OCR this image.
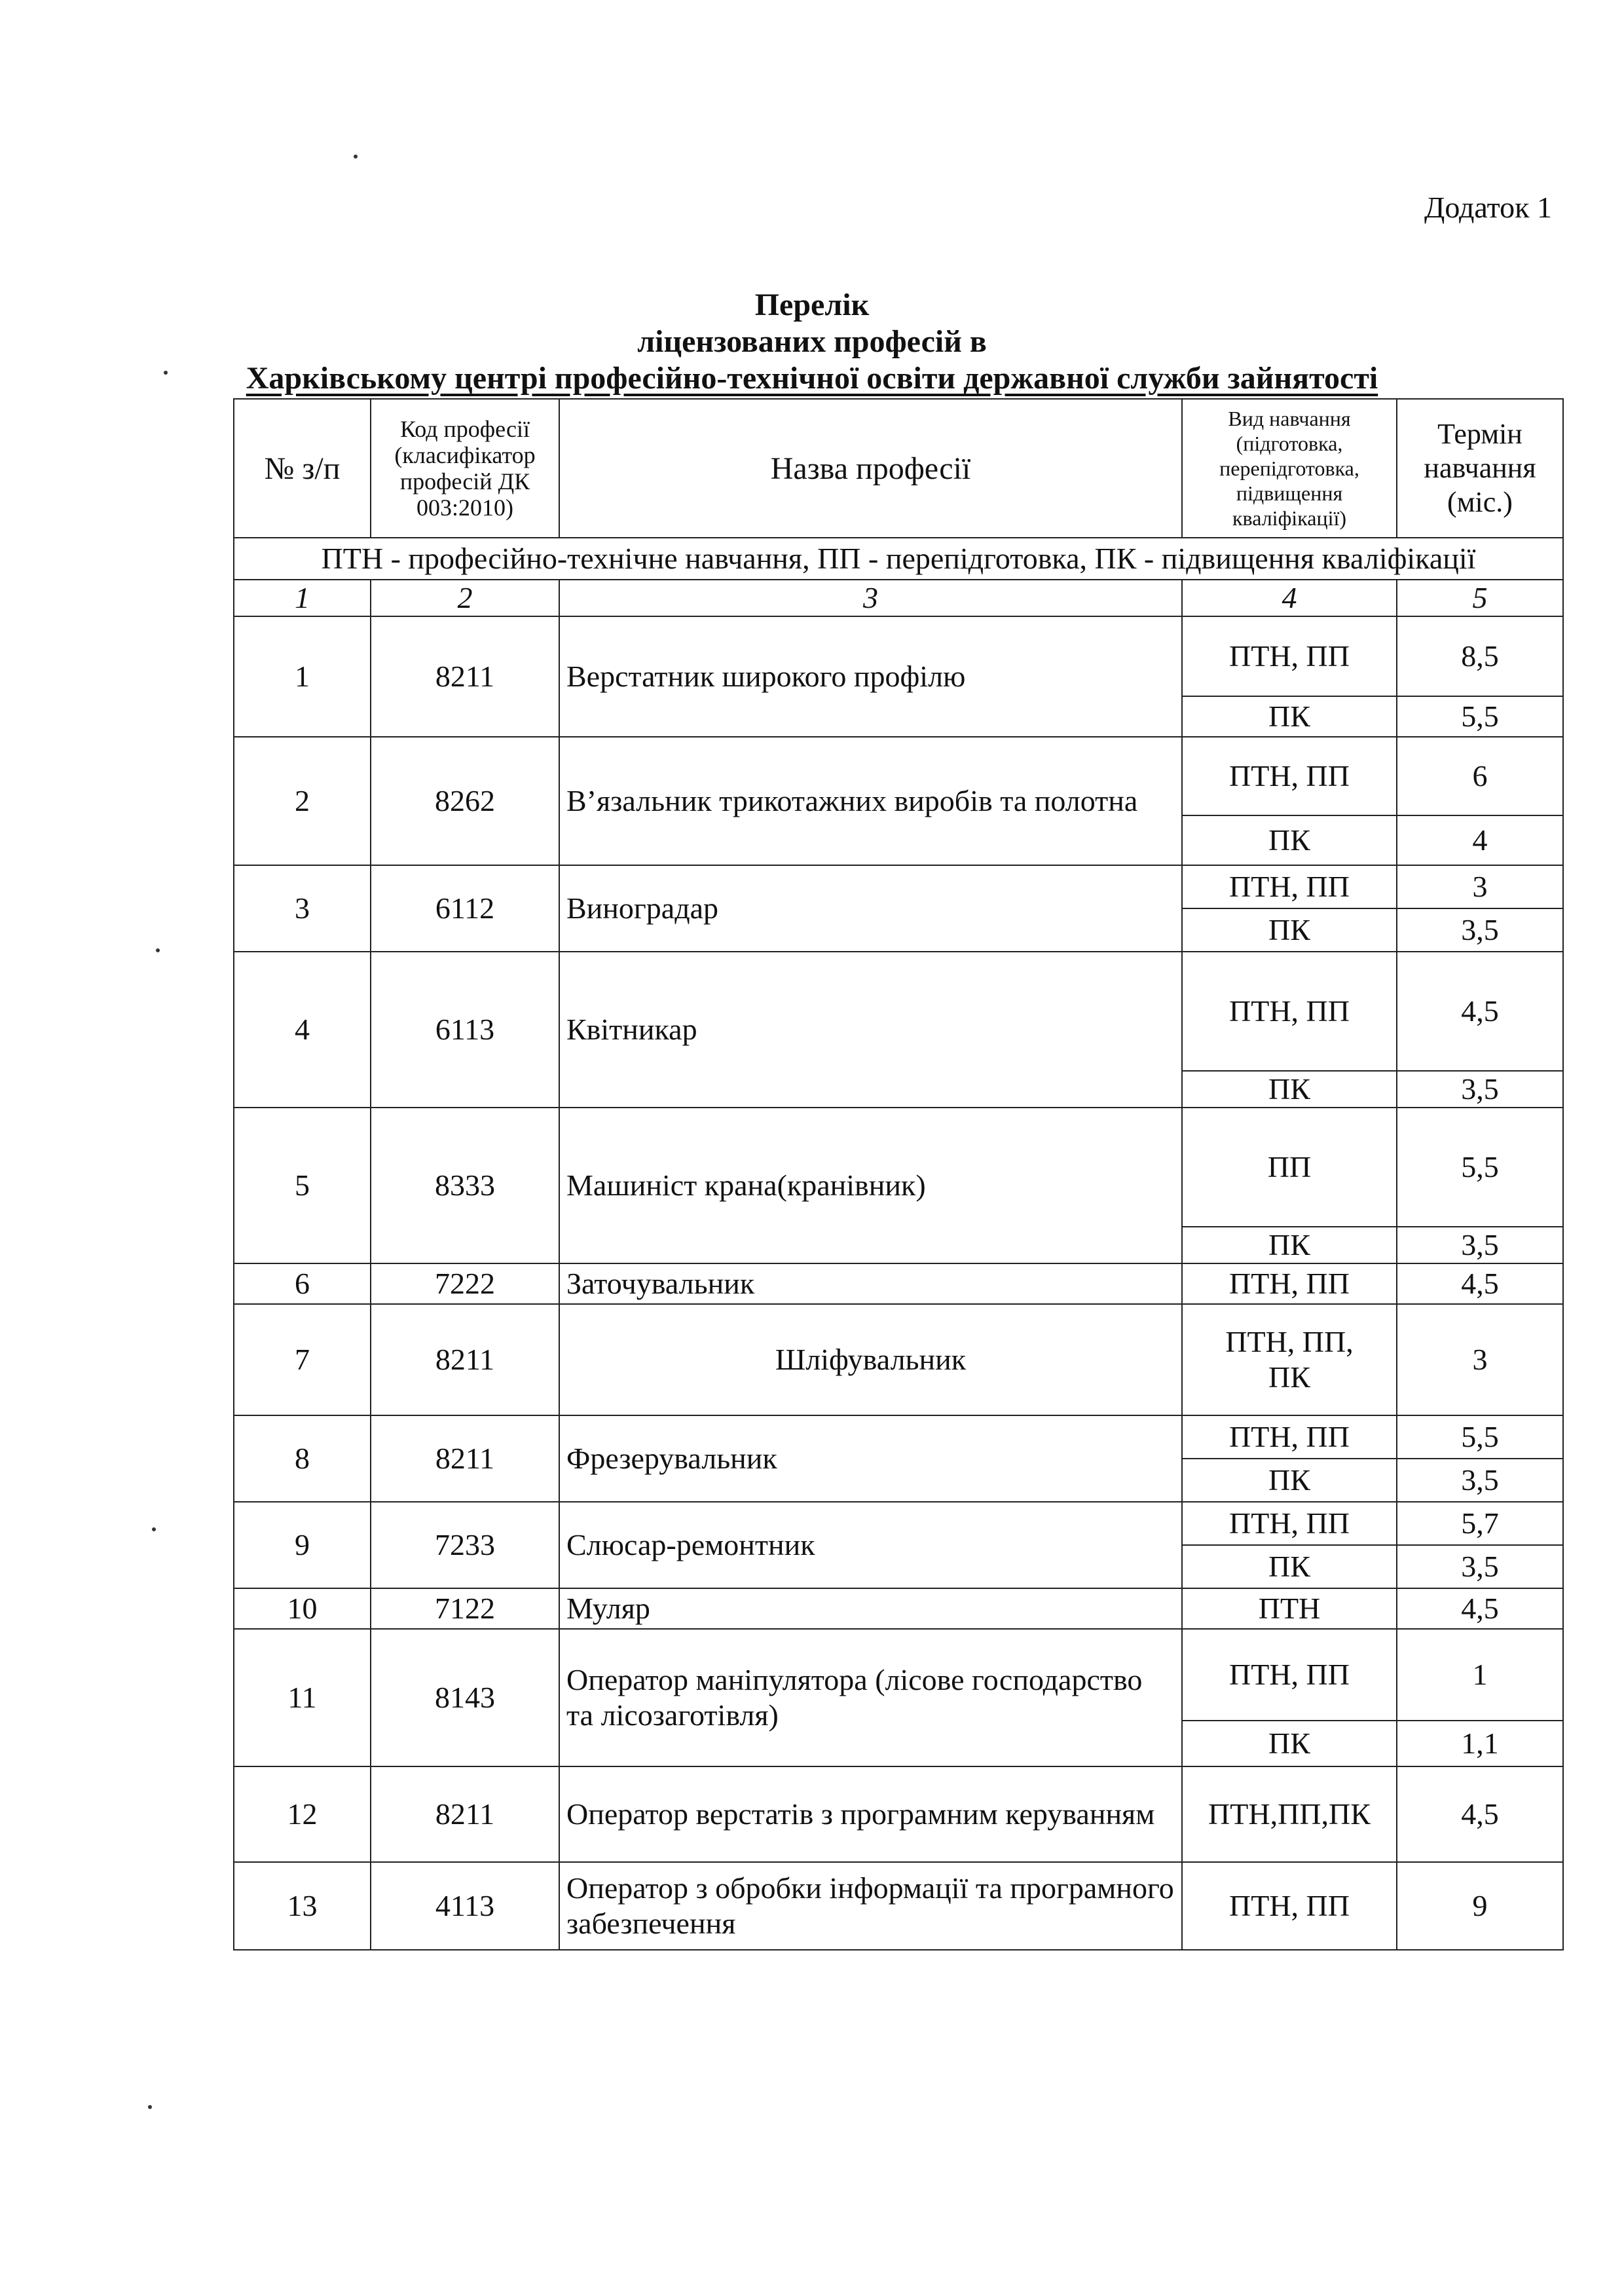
Додаток 1
Перелік
ліцензованих професій в
Харківському центрі професійно-технічної освіти державної служби зайнятості
№ з/п	Код професії (класифікатор професій ДК 003:2010)	Назва професії	Вид навчання (підготовка, перепідготовка, підвищення кваліфікації)	Термін навчання (міс.)
ПТН - професійно-технічне навчання, ПП - перепідготовка, ПК - підвищення кваліфікації				
1	2	3	4	5
1	8211	Верстатник широкого профілю	ПТН, ПП	8,5
			ПК	5,5
2	8262	В’язальник трикотажних виробів та полотна	ПТН, ПП	6
			ПК	4
3	6112	Виноградар	ПТН, ПП	3
			ПК	3,5
4	6113	Квітникар	ПТН, ПП	4,5
			ПК	3,5
5	8333	Машиніст крана(кранівник)	ПП	5,5
			ПК	3,5
6	7222	Заточувальник	ПТН, ПП	4,5
7	8211	Шліфувальник	ПТН, ПП, ПК	3
8	8211	Фрезерувальник	ПТН, ПП	5,5
			ПК	3,5
9	7233	Слюсар-ремонтник	ПТН, ПП	5,7
			ПК	3,5
10	7122	Муляр	ПТН	4,5
11	8143	Оператор маніпулятора (лісове господарство та лісозаготівля)	ПТН, ПП	1
			ПК	1,1
12	8211	Оператор верстатів з програмним керуванням	ПТН,ПП,ПК	4,5
13	4113	Оператор з обробки інформації та програмного забезпечення	ПТН, ПП	9
